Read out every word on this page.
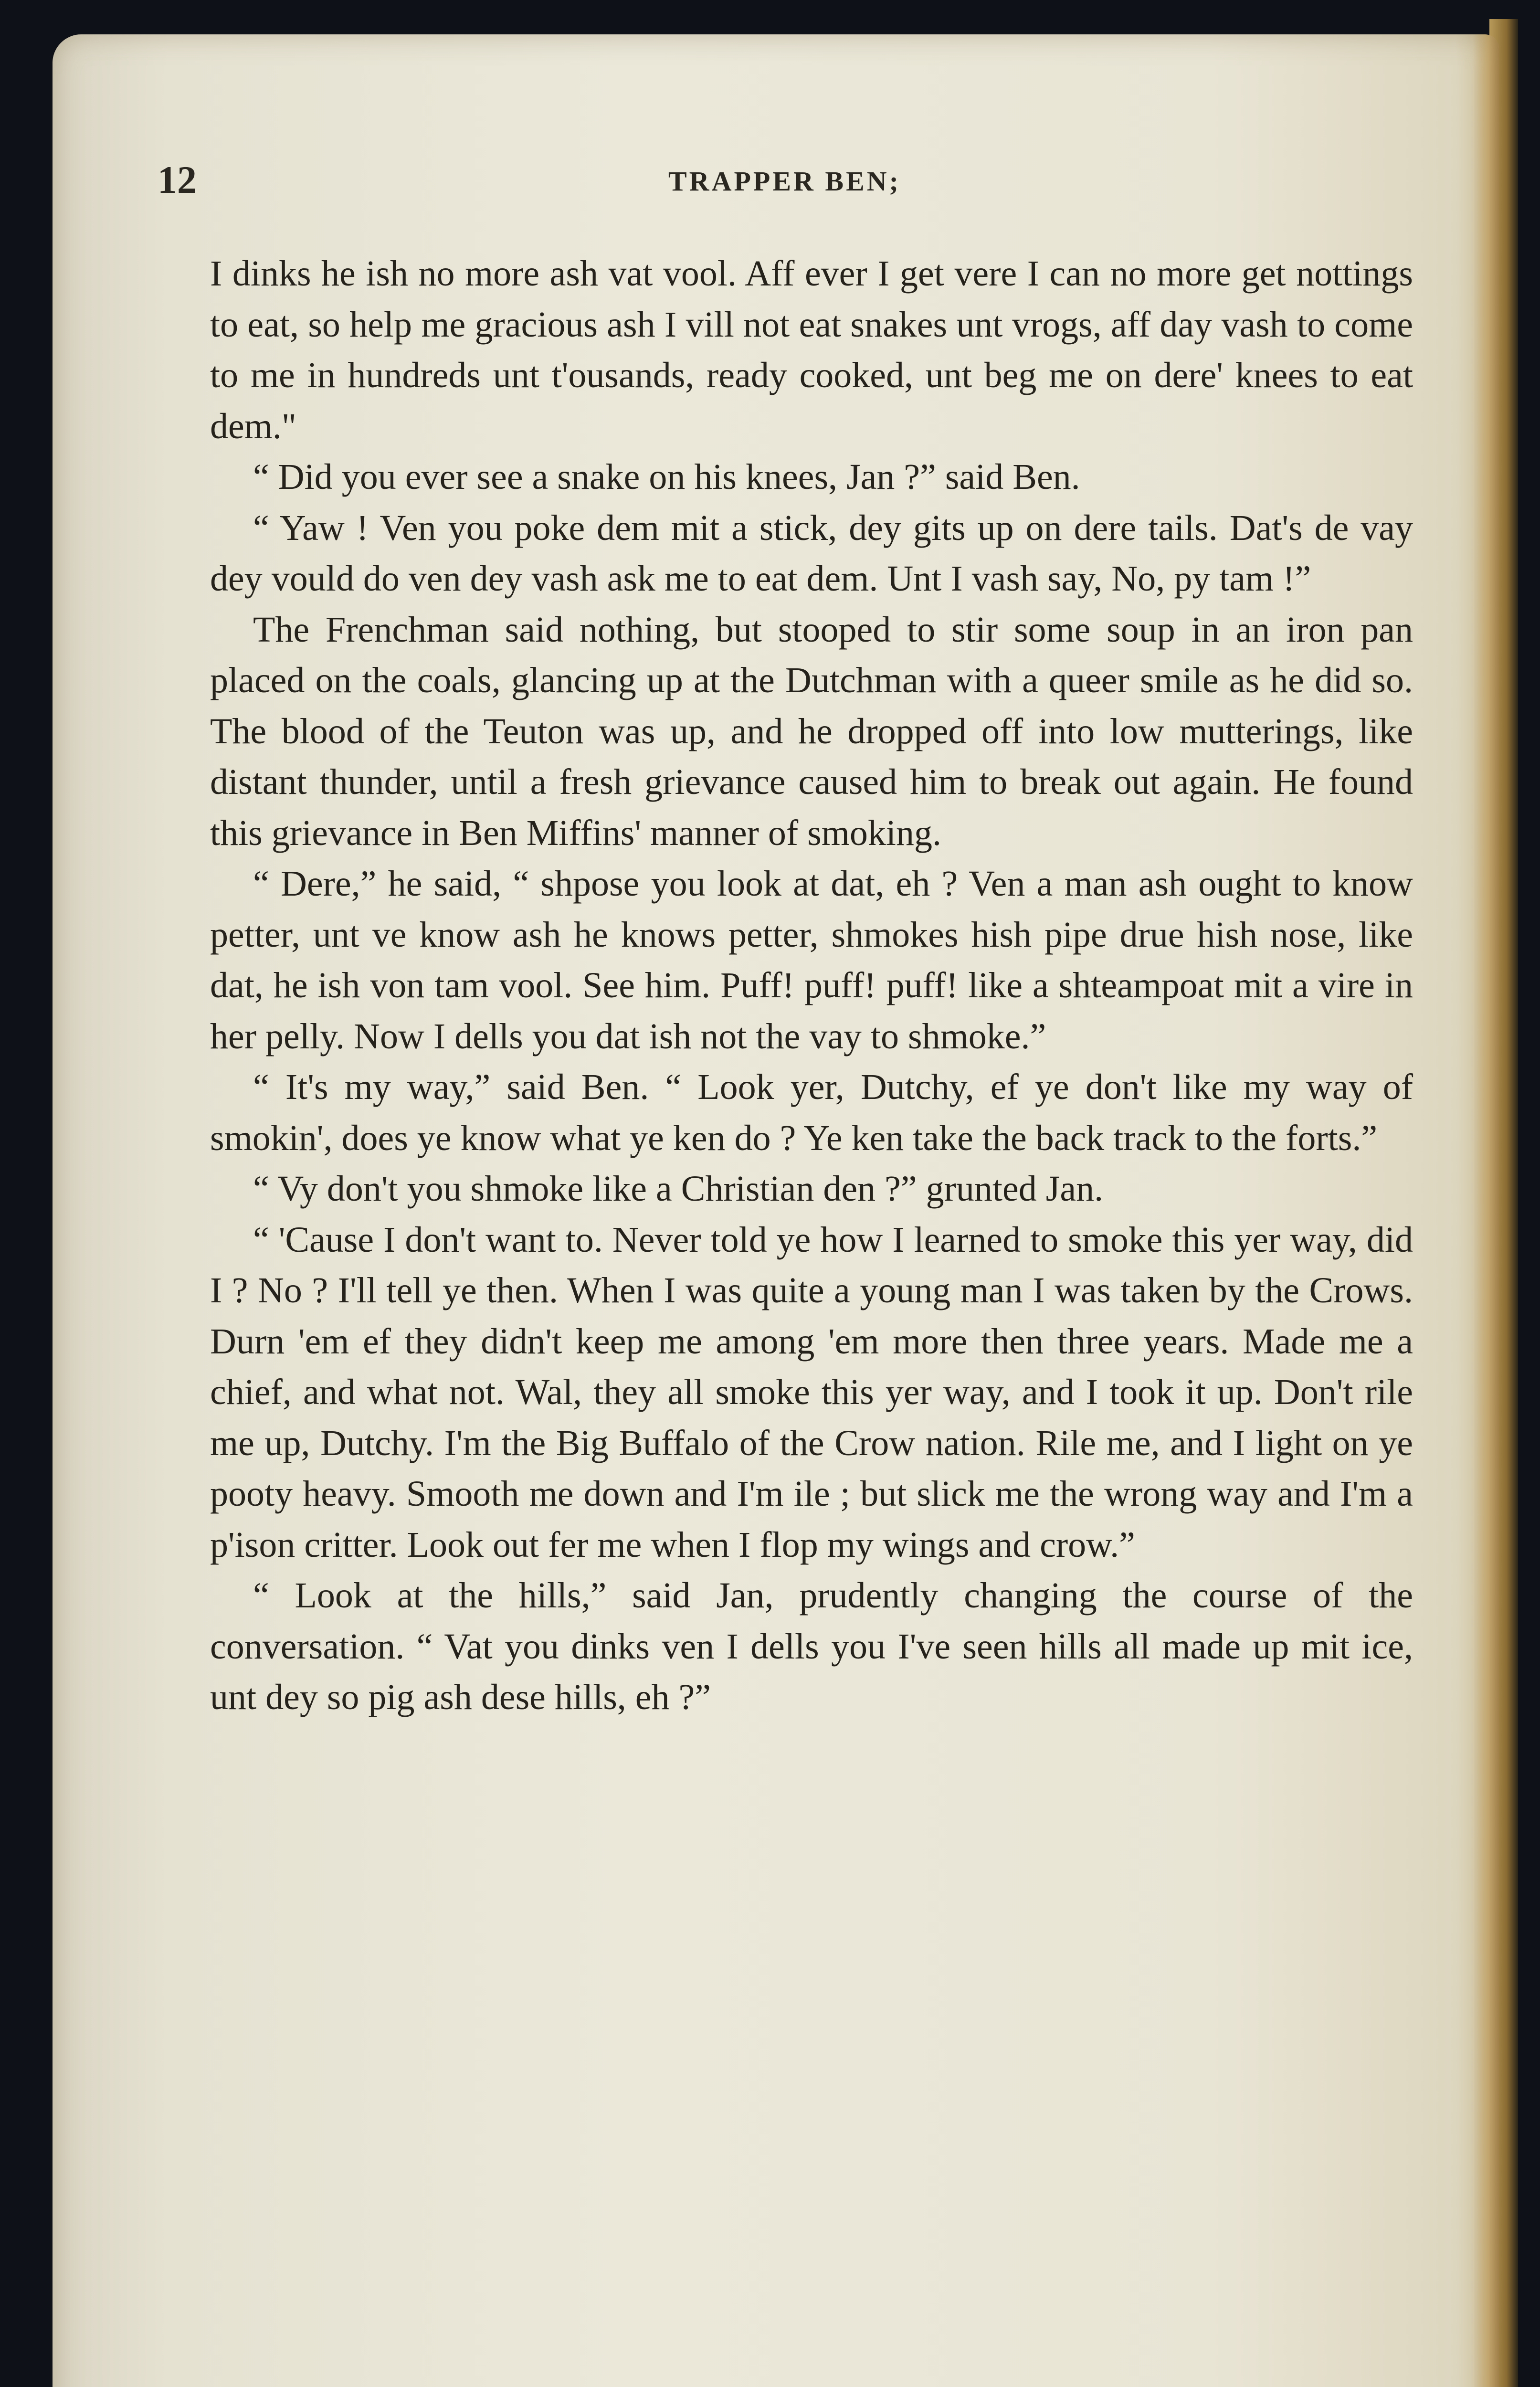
12	TRAPPER BEN;

I dinks he ish no more ash vat vool. Aff ever I get vere I can no more get nottings to eat, so help me gracious ash I vill not eat snakes unt vrogs, aff day vash to come to me in hundreds unt t'ousands, ready cooked, unt beg me on dere' knees to eat dem."

“ Did you ever see a snake on his knees, Jan ?” said Ben.

“ Yaw ! Ven you poke dem mit a stick, dey gits up on dere tails. Dat's de vay dey vould do ven dey vash ask me to eat dem. Unt I vash say, No, py tam !”

The Frenchman said nothing, but stooped to stir some soup in an iron pan placed on the coals, glancing up at the Dutchman with a queer smile as he did so. The blood of the Teuton was up, and he dropped off into low mutterings, like distant thunder, until a fresh grievance caused him to break out again. He found this grievance in Ben Miffins' manner of smoking.

“ Dere,” he said, “ shpose you look at dat, eh ? Ven a man ash ought to know petter, unt ve know ash he knows petter, shmokes hish pipe drue hish nose, like dat, he ish von tam vool. See him. Puff! puff! puff! like a shteampoat mit a vire in her pelly. Now I dells you dat ish not the vay to shmoke.”

“ It's my way,” said Ben. “ Look yer, Dutchy, ef ye don't like my way of smokin', does ye know what ye ken do ? Ye ken take the back track to the forts.”

“ Vy don't you shmoke like a Christian den ?” grunted Jan.

“ 'Cause I don't want to. Never told ye how I learned to smoke this yer way, did I ? No ? I'll tell ye then. When I was quite a young man I was taken by the Crows. Durn 'em ef they didn't keep me among 'em more then three years. Made me a chief, and what not. Wal, they all smoke this yer way, and I took it up. Don't rile me up, Dutchy. I'm the Big Buffalo of the Crow nation. Rile me, and I light on ye pooty heavy. Smooth me down and I'm ile ; but slick me the wrong way and I'm a p'ison critter. Look out fer me when I flop my wings and crow.”

“ Look at the hills,” said Jan, prudently changing the course of the conversation. “ Vat you dinks ven I dells you I've seen hills all made up mit ice, unt dey so pig ash dese hills, eh ?”
